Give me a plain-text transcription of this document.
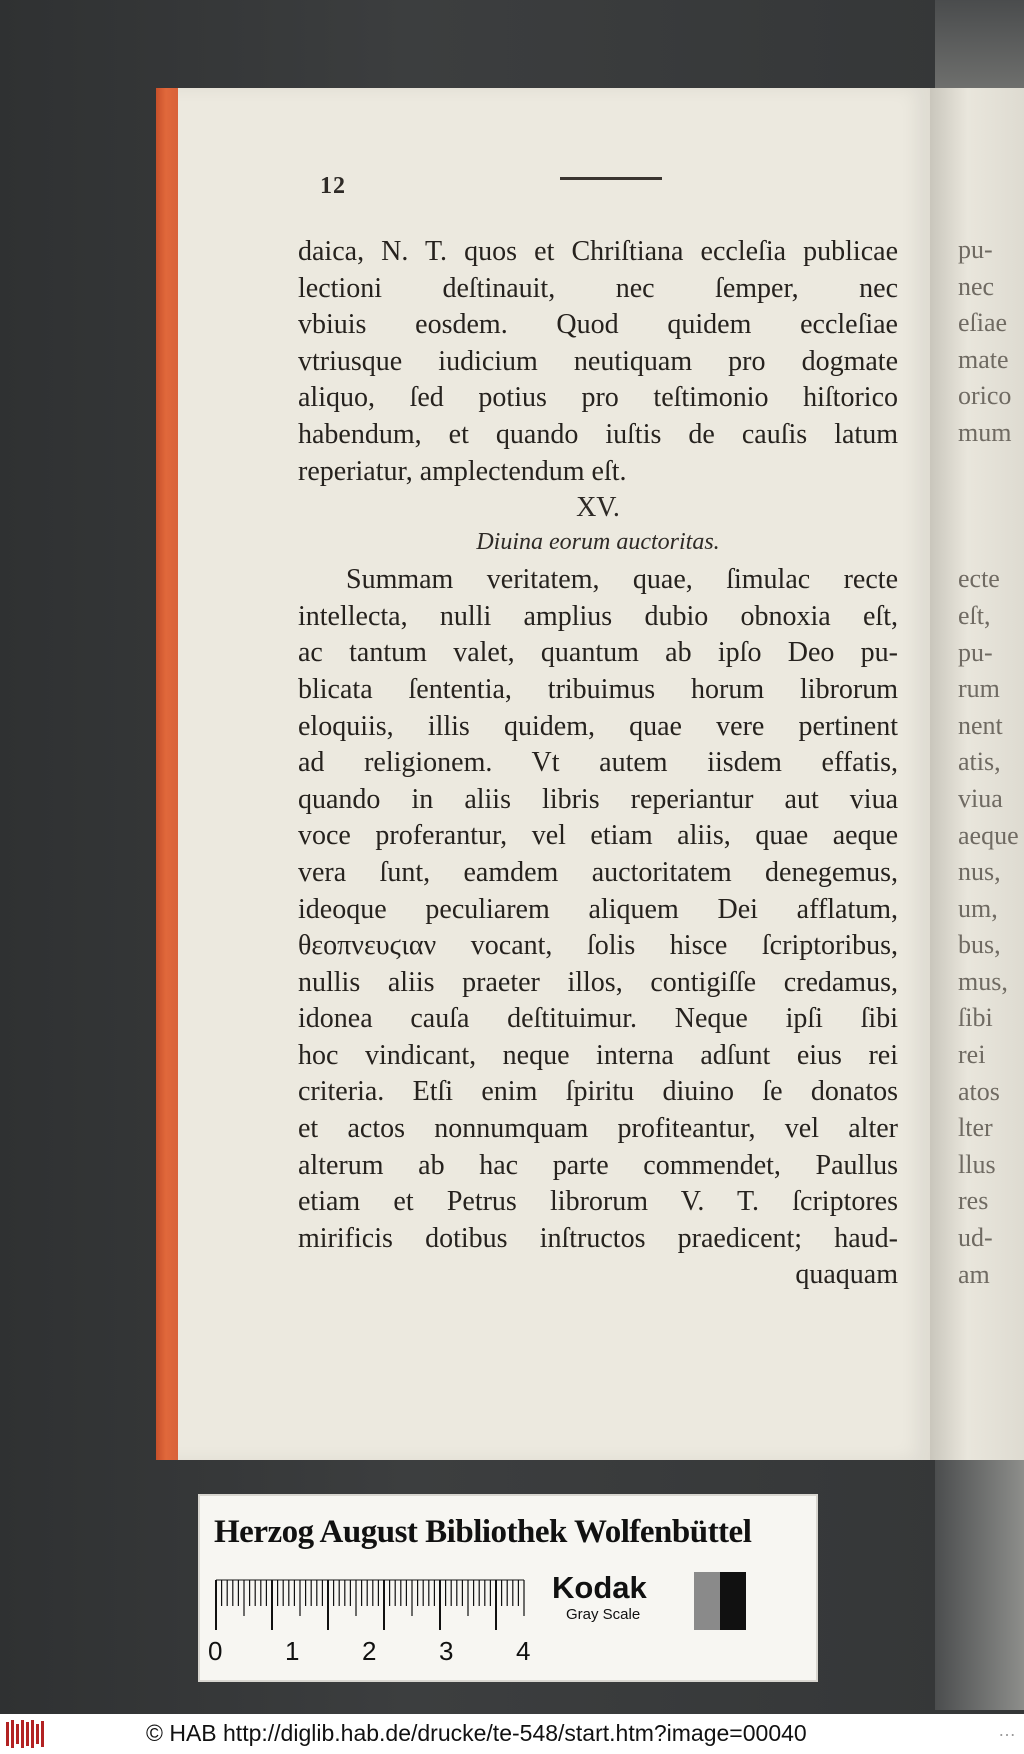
pu-
nec
eſiae
mate
orico
mum
ecte
eſt,
pu-
rum
nent
atis,
viua
aeque
nus,
um,
bus,
mus,
ſibi
rei
atos
lter
llus
res
ud-
am
12
daica, N. T. quos et Chriſtiana eccleſia publicae
lectioni deſtinauit, nec ſemper, nec
vbiuis eosdem. Quod quidem eccleſiae
vtriusque iudicium neutiquam pro dogmate
aliquo, ſed potius pro teſtimonio hiſtorico
habendum, et quando iuſtis de cauſis latum
reperiatur, amplectendum eſt.
XV.
Diuina eorum auctoritas.
Summam veritatem, quae, ſimulac recte
intellecta, nulli amplius dubio obnoxia eſt,
ac tantum valet, quantum ab ipſo Deo pu-
blicata ſententia, tribuimus horum librorum
eloquiis, illis quidem, quae vere pertinent
ad religionem. Vt autem iisdem effatis,
quando in aliis libris reperiantur aut viua
voce proferantur, vel etiam aliis, quae aeque
vera ſunt, eamdem auctoritatem denegemus,
ideoque peculiarem aliquem Dei afflatum,
θεοπνευϛιαν vocant, ſolis hisce ſcriptoribus,
nullis aliis praeter illos, contigiſſe credamus,
idonea cauſa deſtituimur. Neque ipſi ſibi
hoc vindicant, neque interna adſunt eius rei
criteria. Etſi enim ſpiritu diuino ſe donatos
et actos nonnumquam profiteantur, vel alter
alterum ab hac parte commendet, Paullus
etiam et Petrus librorum V. T. ſcriptores
mirificis dotibus inſtructos praedicent; haud-
quaquam
Herzog August Bibliothek Wolfenbüttel
0 1 2 3 4
Kodak
Gray Scale
© HAB http://diglib.hab.de/drucke/te-548/start.htm?image=00040	…
